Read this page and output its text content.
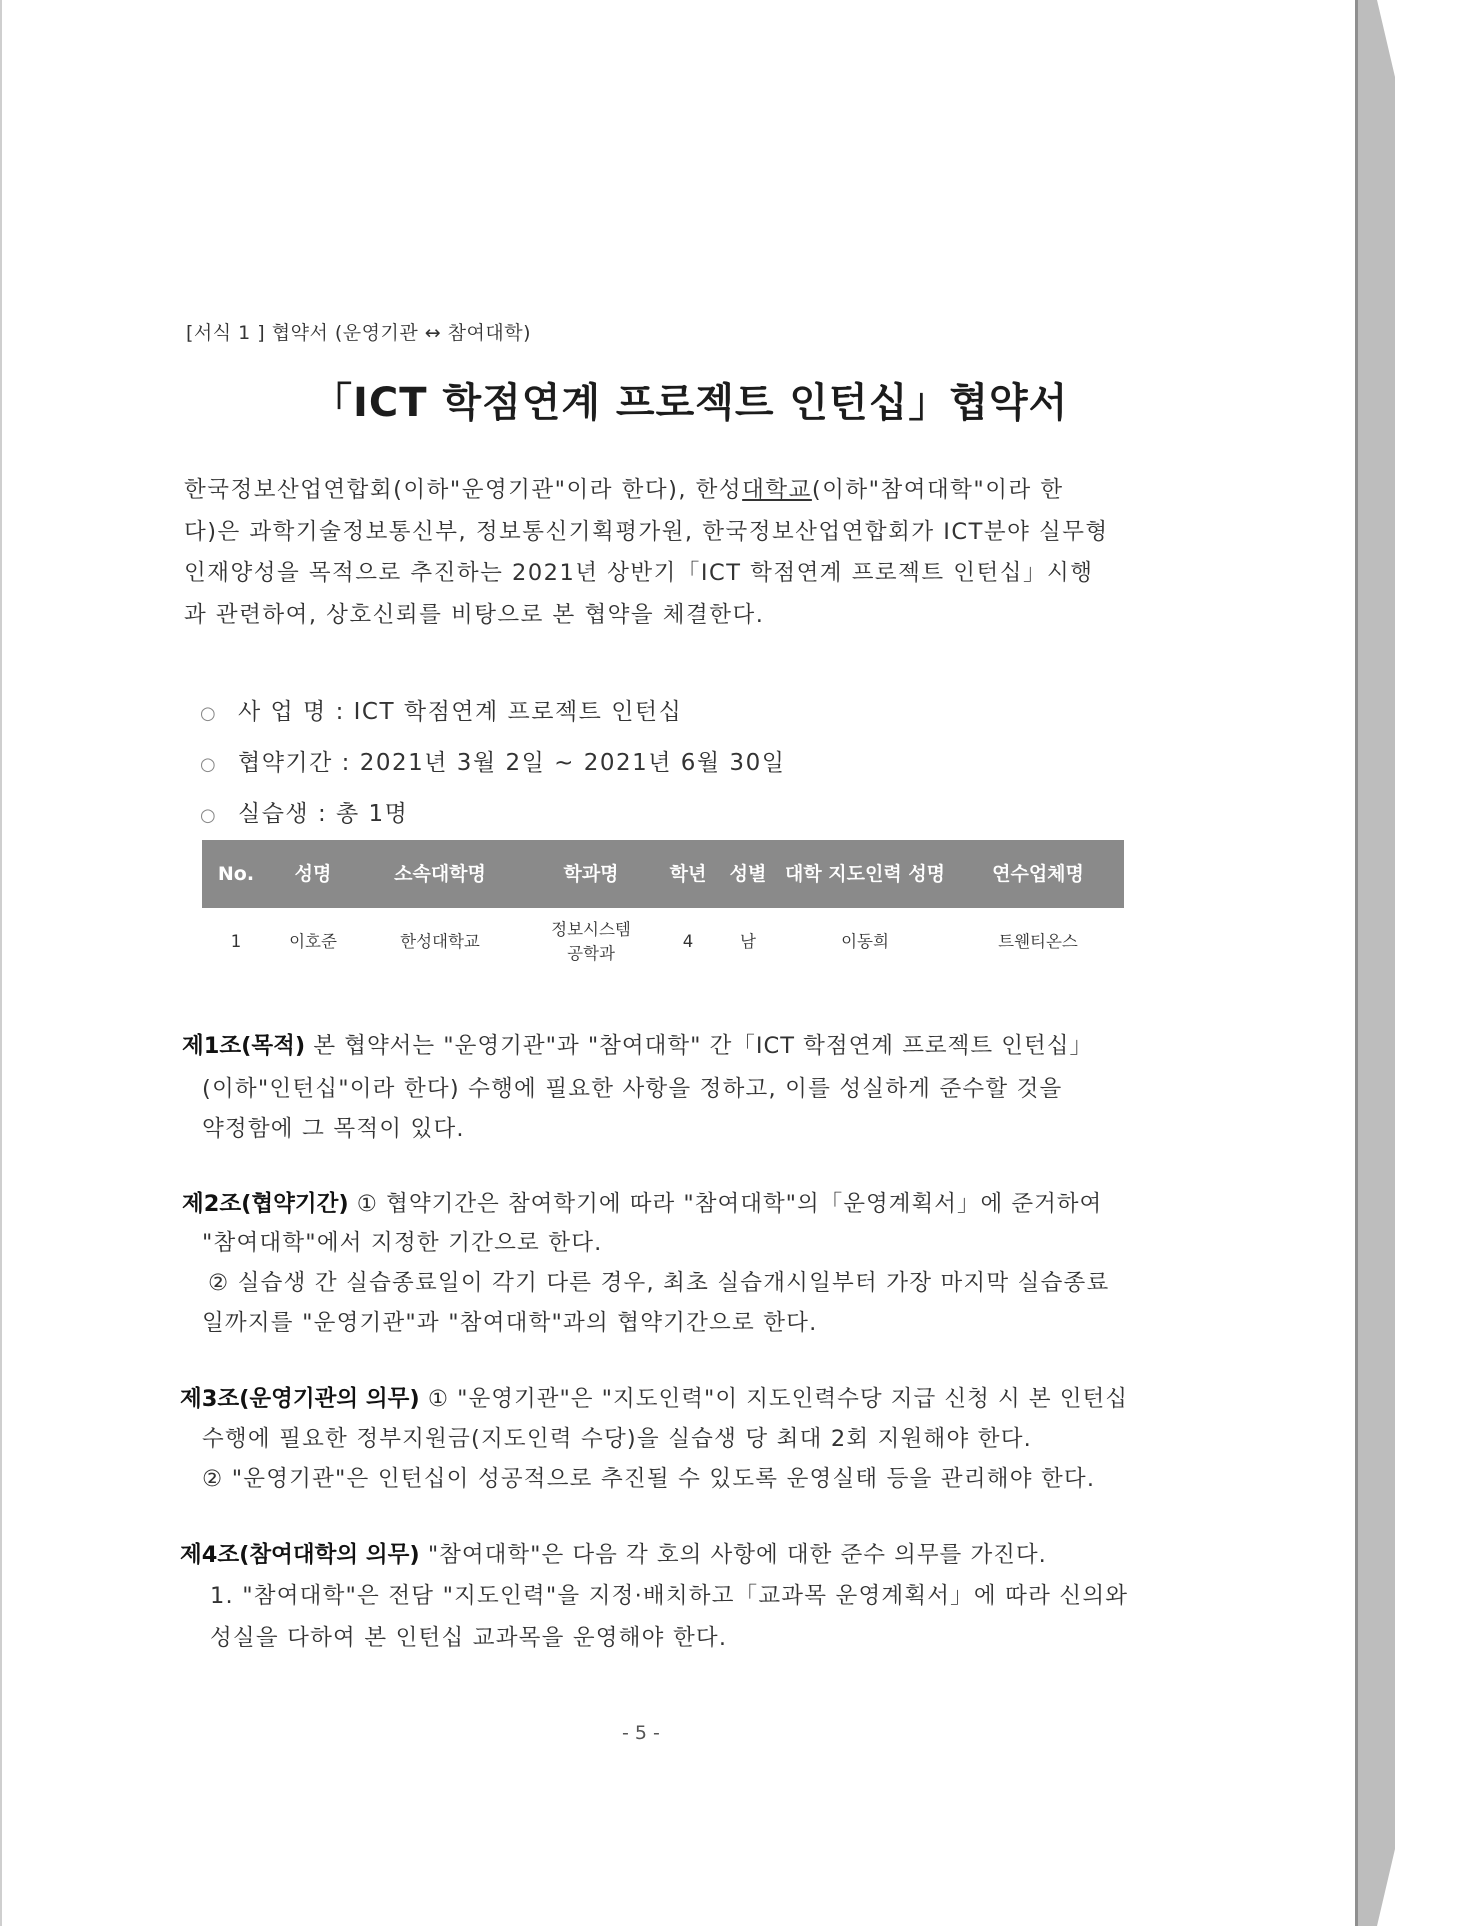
[서식 1 ] 협약서 (운영기관 ↔ 참여대학)
「ICT 학점연계 프로젝트 인턴십」협약서
한국정보산업연합회(이하"운영기관"이라 한다), 한성대학교(이하"참여대학"이라 한
다)은 과학기술정보통신부, 정보통신기획평가원, 한국정보산업연합회가 ICT분야 실무형
인재양성을 목적으로 추진하는 2021년 상반기「ICT 학점연계 프로젝트 인턴십」시행
과 관련하여, 상호신뢰를 비탕으로 본 협약을 체결한다.
○ 사 업 명 : ICT 학점연계 프로젝트 인턴십
○ 협약기간 : 2021년 3월 2일 ~ 2021년 6월 30일
○ 실습생 : 총 1명
No.	성명	소속대학명	학과명	학년	성별	대학 지도인력 성명	연수업체명
1	이호준	한성대학교	정보시스템 공학과	4	남	이동희	트웬티온스
제1조(목적) 본 협약서는 "운영기관"과 "참여대학" 간「ICT 학점연계 프로젝트 인턴십」
(이하"인턴십"이라 한다) 수행에 필요한 사항을 정하고, 이를 성실하게 준수할 것을
약정함에 그 목적이 있다.
제2조(협약기간) ① 협약기간은 참여학기에 따라 "참여대학"의「운영계획서」에 준거하여
"참여대학"에서 지정한 기간으로 한다.
② 실습생 간 실습종료일이 각기 다른 경우, 최초 실습개시일부터 가장 마지막 실습종료
일까지를 "운영기관"과 "참여대학"과의 협약기간으로 한다.
제3조(운영기관의 의무) ① "운영기관"은 "지도인력"이 지도인력수당 지급 신청 시 본 인턴십
수행에 필요한 정부지원금(지도인력 수당)을 실습생 당 최대 2회 지원해야 한다.
② "운영기관"은 인턴십이 성공적으로 추진될 수 있도록 운영실태 등을 관리해야 한다.
제4조(참여대학의 의무) "참여대학"은 다음 각 호의 사항에 대한 준수 의무를 가진다.
1. "참여대학"은 전담 "지도인력"을 지정·배치하고「교과목 운영계획서」에 따라 신의와
성실을 다하여 본 인턴십 교과목을 운영해야 한다.
- 5 -
